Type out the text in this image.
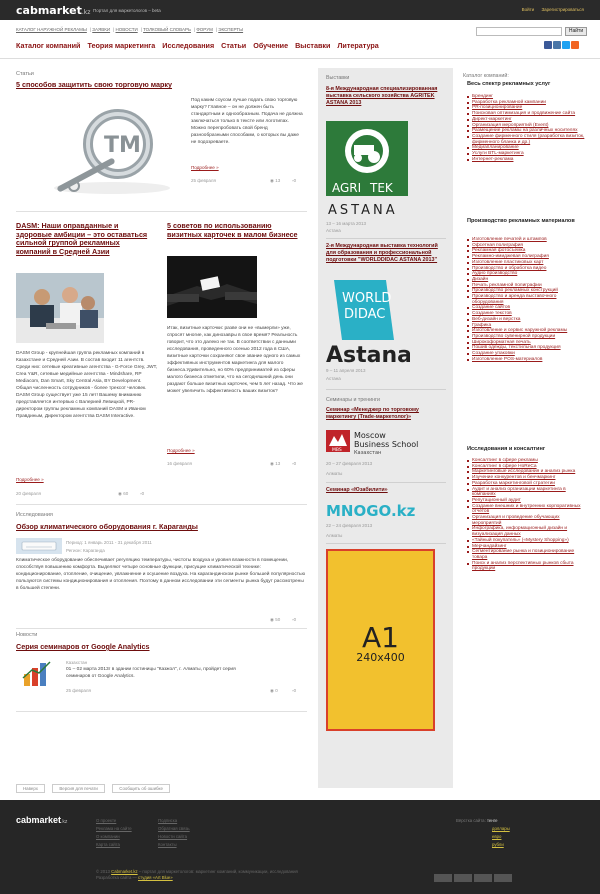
cabmarket.kz Портал для маркетологов – beta	Войти Зарегистрироваться
КАТАЛОГ НАРУЖНОЙ РЕКЛАМЫ | ЗАЯВКИ | НОВОСТИ | ТОЛКОВЫЙ СЛОВАРЬ | ФОРУМ | ЭКСПЕРТЫ	Найти
Каталог компаний Теория маркетинга Исследования Статьи Обучение Выставки Литература
Статьи
5 способов защитить свою торговую марку
TM
Под каким соусом лучше подать свою торговую марку? Главное – он не должен быть стандартным и однообразным. Подача не должна заключаться только в тексте или логотипах. Можно перепробовать свой бренд разнообразными способами, о которых вы даже не подозреваете.
Подробнее »
25 февраля	◉ 13	▫0
DASM: Наши оправданные и здоровые амбиции – это оставаться сильной группой рекламных компаний в Средней Азии
DASM Group - крупнейшая группа рекламных компаний в Казахстане и Средней Азии. В состав входит 11 агентств. Среди них: сетевые креативные агентства - G-Force Grey, JWT, Crea Y&R, сетевые медийные агентства - Mindshare, RP Mediacom, Dan Smart, Sky Central Asia, BY Development. Общая численность сотрудников - более трексот человек. DASM Group существует уже 15 лет! Вашему вниманию представляется интервью с Валерией Левицкой, PR-директором группы рекламных компаний DASM и Иваном Правдиным, Директором агентства DASM Interactive.
Подробнее »
20 февраля	◉ 60	▫0
5 советов по использованию визитных карточек в малом бизнесе
Итак, визитные карточки: разве они не «вымерли» уже, спросят многие, как динозавры в свое время? Реальность говорит, что это далеко не так. В соответствии с данными исследования, проведенного осенью 2012 года в США, визитные карточки сохраняют свое звание одного из самых эффективных инструментов маркетинга для малого бизнеса.Удивительно, но 60% предприниматей из сферы малого бизнеса отметили, что на сегодняшний день они раздают больше визитных карточек, чем 5 лет назад. Что же может увеличить эффективность ваших визиток?
Подробнее »
16 февраля	◉ 13	▫0
Исследования
Обзор климатического оборудования г. Караганды
Период: 1 январь 2011 - 31 декабря 2011
Регион: Караганда
Климатическое оборудование обеспечивает регуляцию температуры, чистоты воздуха и уровня влажности в помещении, способствуя повышению комфорта. Выделяют четыре основные функции, присущие климатической технике: кондиционирование, отопление, очищение, увлажнение и осушение воздуха. На карагандинском рынке большей популярностью пользуются системы кондиционирования и отопления. Поэтому в данном исследовании эти сегменты рынка будут рассмотрены в большей степени.
◉ 50	▫0
Новости
Серия семинаров от Google Analytics
Казахстан
01 – 02 марта 2013г в здании гостиницы "Казжол", г. Алматы, пройдет серия семинаров от Google Analytics.
25 февраля	◉ 0	▫0
Выставки
8-я Международная специализированная выставка сельского хозяйства AGRITEK ASTANA 2013
AGRI TEK
ASTANA
13 – 16 марта 2013
Астана
2-я Международная выставка технологий для образования и профессиональной подготовки "WORLDDIDAC ASTANA 2013"
WORLD
DIDAC
Astana
9 – 11 апреля 2013
Астана
Семинары и тренинги
Семинар «Менеджер по торговому маркетингу (Trade-маркетолог)»
MBS
Moscow
Business School
Казахстан
20 – 27 февраля 2013
Алматы
Семинар «Юзабилити»
MNOGO.kz
22 – 24 февраля 2013
Алматы
A1
240x400
Каталог компаний:
Весь спектр рекламных услуг
Брендинг
Разработка рекламной кампании
PR-позиционирование
Поисковая оптимизация и продвижение сайта
Директ-маркетинг
Организация мероприятий (Event)
Размещение рекламы на различных носителях
Создание фирменного стиля (разработка визиток, фирменного бланка и др.)
Медиапланирование
Услуги BTL-маркетинга
Интернет-реклама
Производство рекламных материалов
Изготовление печатей и штампов
Офсетная полиграфия
Рекламная фотосъемка
Рекламно-имиджевая полиграфия
Изготовление пластиковых карт
Производство и обработка видео
Аудио производство
Дизайн
Печать рекламной полиграфии
Производство рекламных конструкций
Производство и аренда выставочного оборудования
Создание сайтов
Создание текстов
Веб-дизайн и верстка
Графика
Изготовление и сервис наружной рекламы
Производство сувенирной продукции
Широкоформатная печать
Пошив одежды, текстильная продукция
Создание упаковки
Изготовление POS-материалов
Исследования и консалтинг
Консалтинг в сфере рекламы
Консалтинг в сфере HoReCa
Маркетинговые исследования и анализ рынка
Изучение конкурентов и бенчмаркинг
Разработка маркетинговой стратегии
Аудит и анализ организации маркетинга в компаниях
Репутационный аудит
Создание внешних и внутренних корпоративных отчетов
Организация и проведение обучающих мероприятий
Инфографика, информационный дизайн и визуализация данных
«Тайный покупатель» («Mystery Shopping»)
Мерчандайзинг
Сегментирование рынка и позиционирование товара
Поиск и анализ перспективных рынков сбыта продукции
Наверх	Версия для печати	Сообщить об ошибке
cabmarket.kz	О проекте
Реклама на сайте
О компании
Карта сайта
Подписка
Обратная связь
Новости сайта
Контакты
Вёрстка сайта: тенге
доллары
евро
рубли
© 2013 Cabmarket.kz – портал для маркетологов: маркетинг компаний, коммуникации, исследования
Разработка сайта — студия «Art Blue»
